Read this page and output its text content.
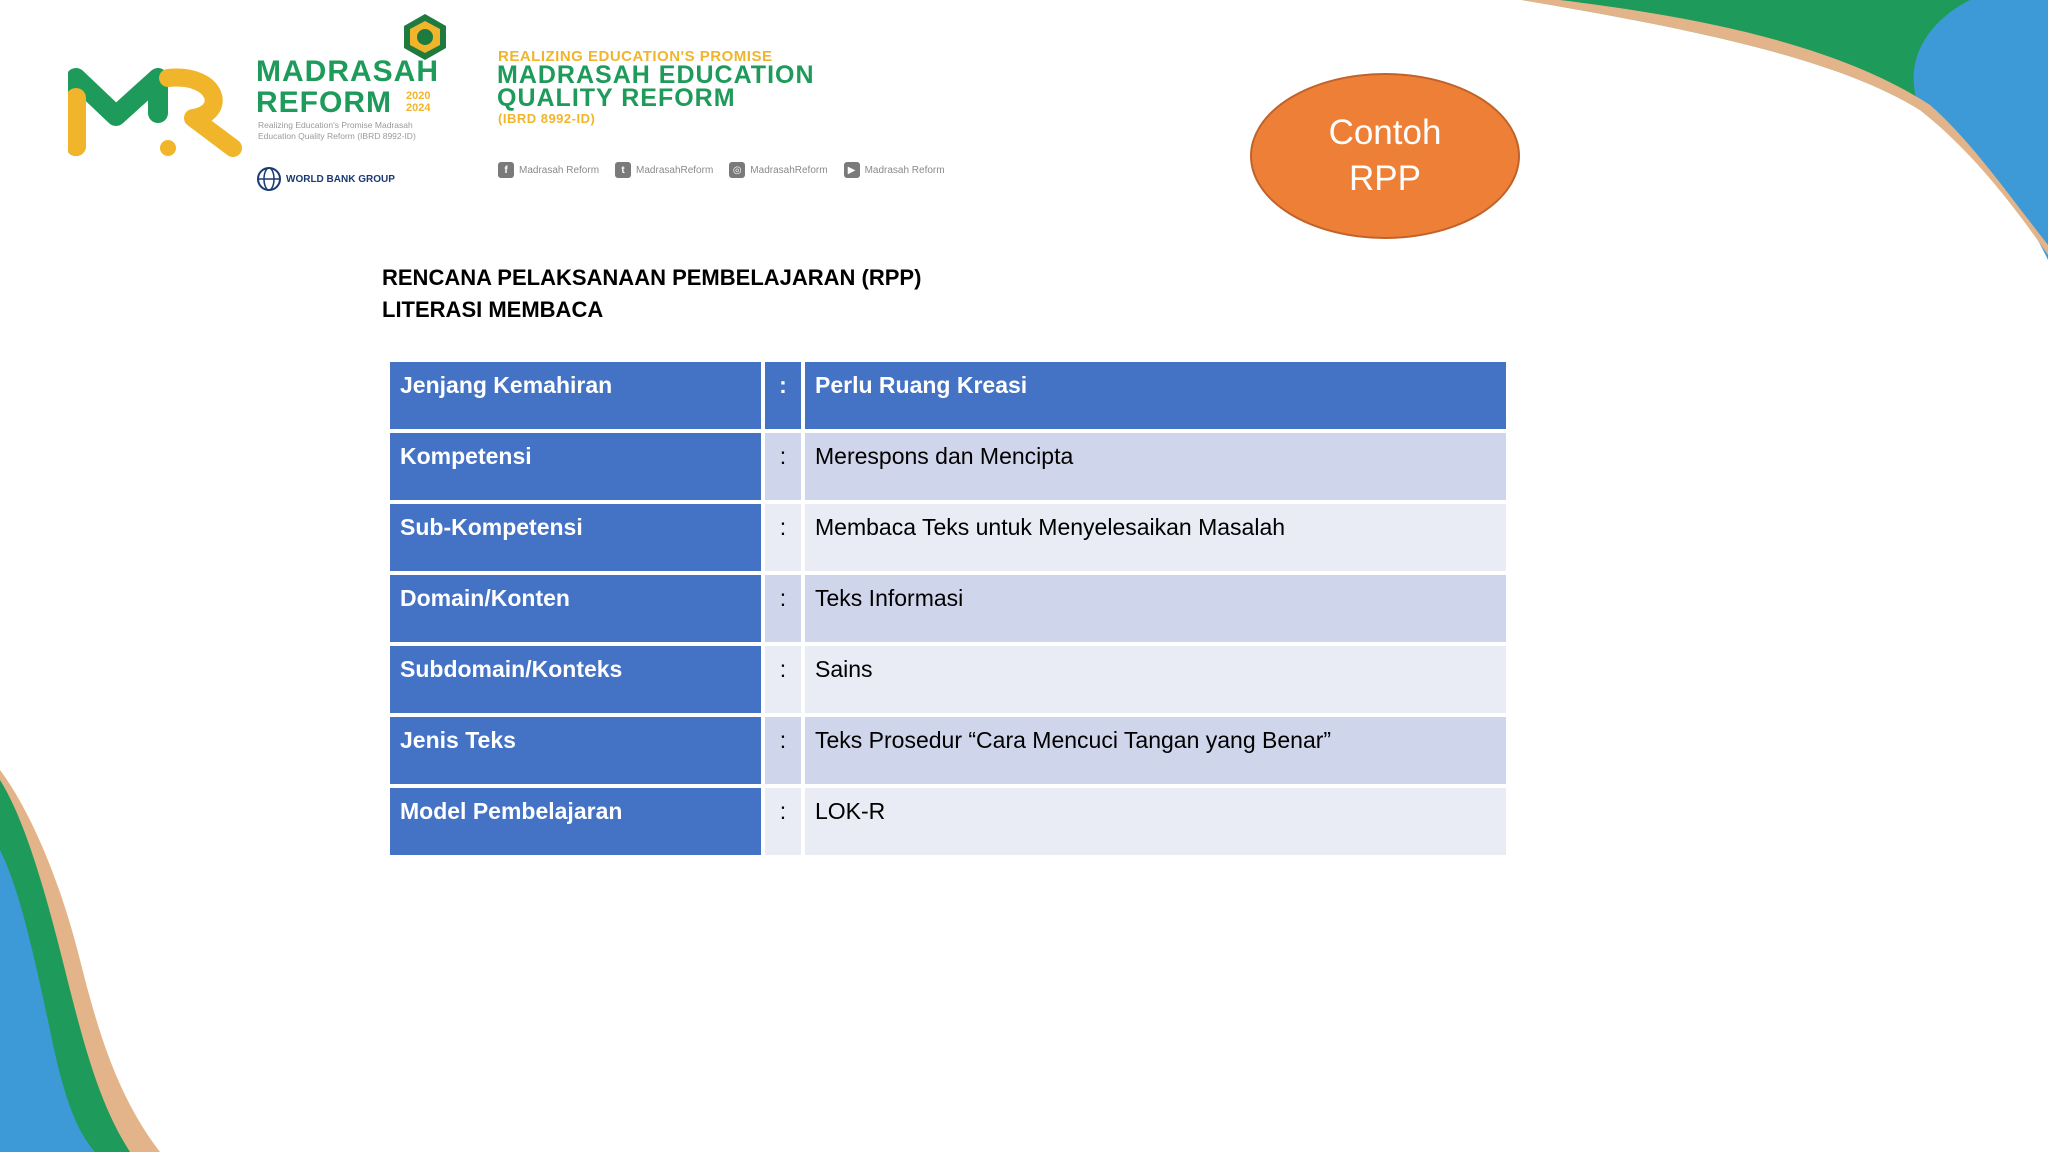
MADRASAH
REFORM	2020
2024
Realizing Education's Promise Madrasah Education Quality Reform (IBRD 8992-ID)
WORLD BANK GROUP
REALIZING EDUCATION'S PROMISE
MADRASAH EDUCATION
QUALITY REFORM
(IBRD 8992-ID)
f	Madrasah Reform	t	MadrasahReform	◎ MadrasahReform	▶ Madrasah Reform
Contoh
RPP
RENCANA PELAKSANAAN PEMBELAJARAN (RPP)
LITERASI MEMBACA
Jenjang Kemahiran	:	Perlu Ruang Kreasi
Kompetensi	:	Merespons dan Mencipta
Sub-Kompetensi	:	Membaca Teks untuk Menyelesaikan Masalah
Domain/Konten	:	Teks Informasi
Subdomain/Konteks	:	Sains
Jenis Teks	:	Teks Prosedur “Cara Mencuci Tangan yang Benar”
Model Pembelajaran	:	LOK-R
